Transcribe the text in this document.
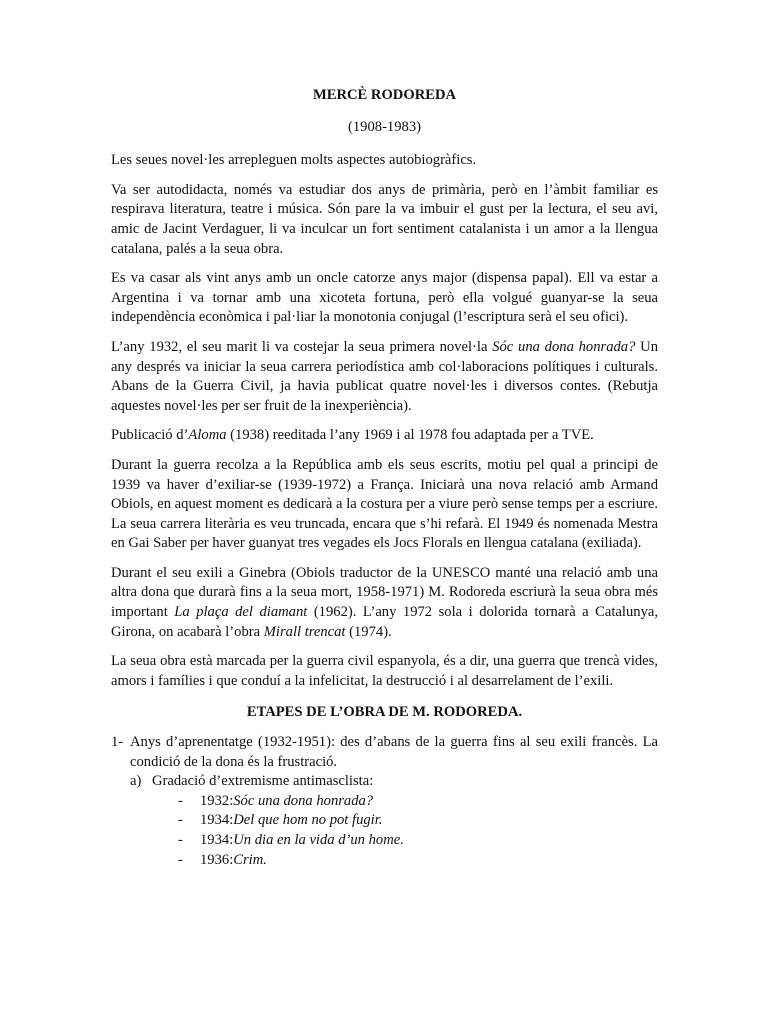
MERCÈ RODOREDA
(1908-1983)

Les seues novel·les arrepleguen molts aspectes autobiogràfics.

Va ser autodidacta, només va estudiar dos anys de primària, però en l’àmbit familiar es respirava literatura, teatre i música. Són pare la va imbuir el gust per la lectura, el seu avi, amic de Jacint Verdaguer, li va inculcar un fort sentiment catalanista i un amor a la llengua catalana, palés a la seua obra.

Es va casar als vint anys amb un oncle catorze anys major (dispensa papal). Ell va estar a Argentina i va tornar amb una xicoteta fortuna, però ella volgué guanyar-se la seua independència econòmica i pal·liar la monotonia conjugal (l’escriptura serà el seu ofici).

L’any 1932, el seu marit li va costejar la seua primera novel·la Sóc una dona honrada? Un any després va iniciar la seua carrera periodística amb col·laboracions polítiques i culturals. Abans de la Guerra Civil, ja havia publicat quatre novel·les i diversos contes. (Rebutja aquestes novel·les per ser fruit de la inexperiència).

Publicació d’Aloma (1938) reeditada l’any 1969 i al 1978 fou adaptada per a TVE.

Durant la guerra recolza a la República amb els seus escrits, motiu pel qual a principi de 1939 va haver d’exiliar-se (1939-1972) a França. Iniciarà una nova relació amb Armand Obiols, en aquest moment es dedicarà a la costura per a viure però sense temps per a escriure. La seua carrera literària es veu truncada, encara que s’hi refarà. El 1949 és nomenada Mestra en Gai Saber per haver guanyat tres vegades els Jocs Florals en llengua catalana (exiliada).

Durant el seu exili a Ginebra (Obiols traductor de la UNESCO manté una relació amb una altra dona que durarà fins a la seua mort, 1958-1971) M. Rodoreda escriurà la seua obra més important La plaça del diamant (1962). L’any 1972 sola i dolorida tornarà a Catalunya, Girona, on acabarà l’obra Mirall trencat (1974).

La seua obra està marcada per la guerra civil espanyola, és a dir, una guerra que trencà vides, amors i famílies i que conduí a la infelicitat, la destrucció i al desarrelament de l’exili.

ETAPES DE L’OBRA DE M. RODOREDA.
1- Anys d’aprenentatge (1932-1951): des d’abans de la guerra fins al seu exili francès. La condició de la dona és la frustració.
a) Gradació d’extremisme antimasclista:
-	1932: Sóc una dona honrada?
-	1934: Del que hom no pot fugir.
-	1934: Un dia en la vida d’un home.
-	1936: Crim.
